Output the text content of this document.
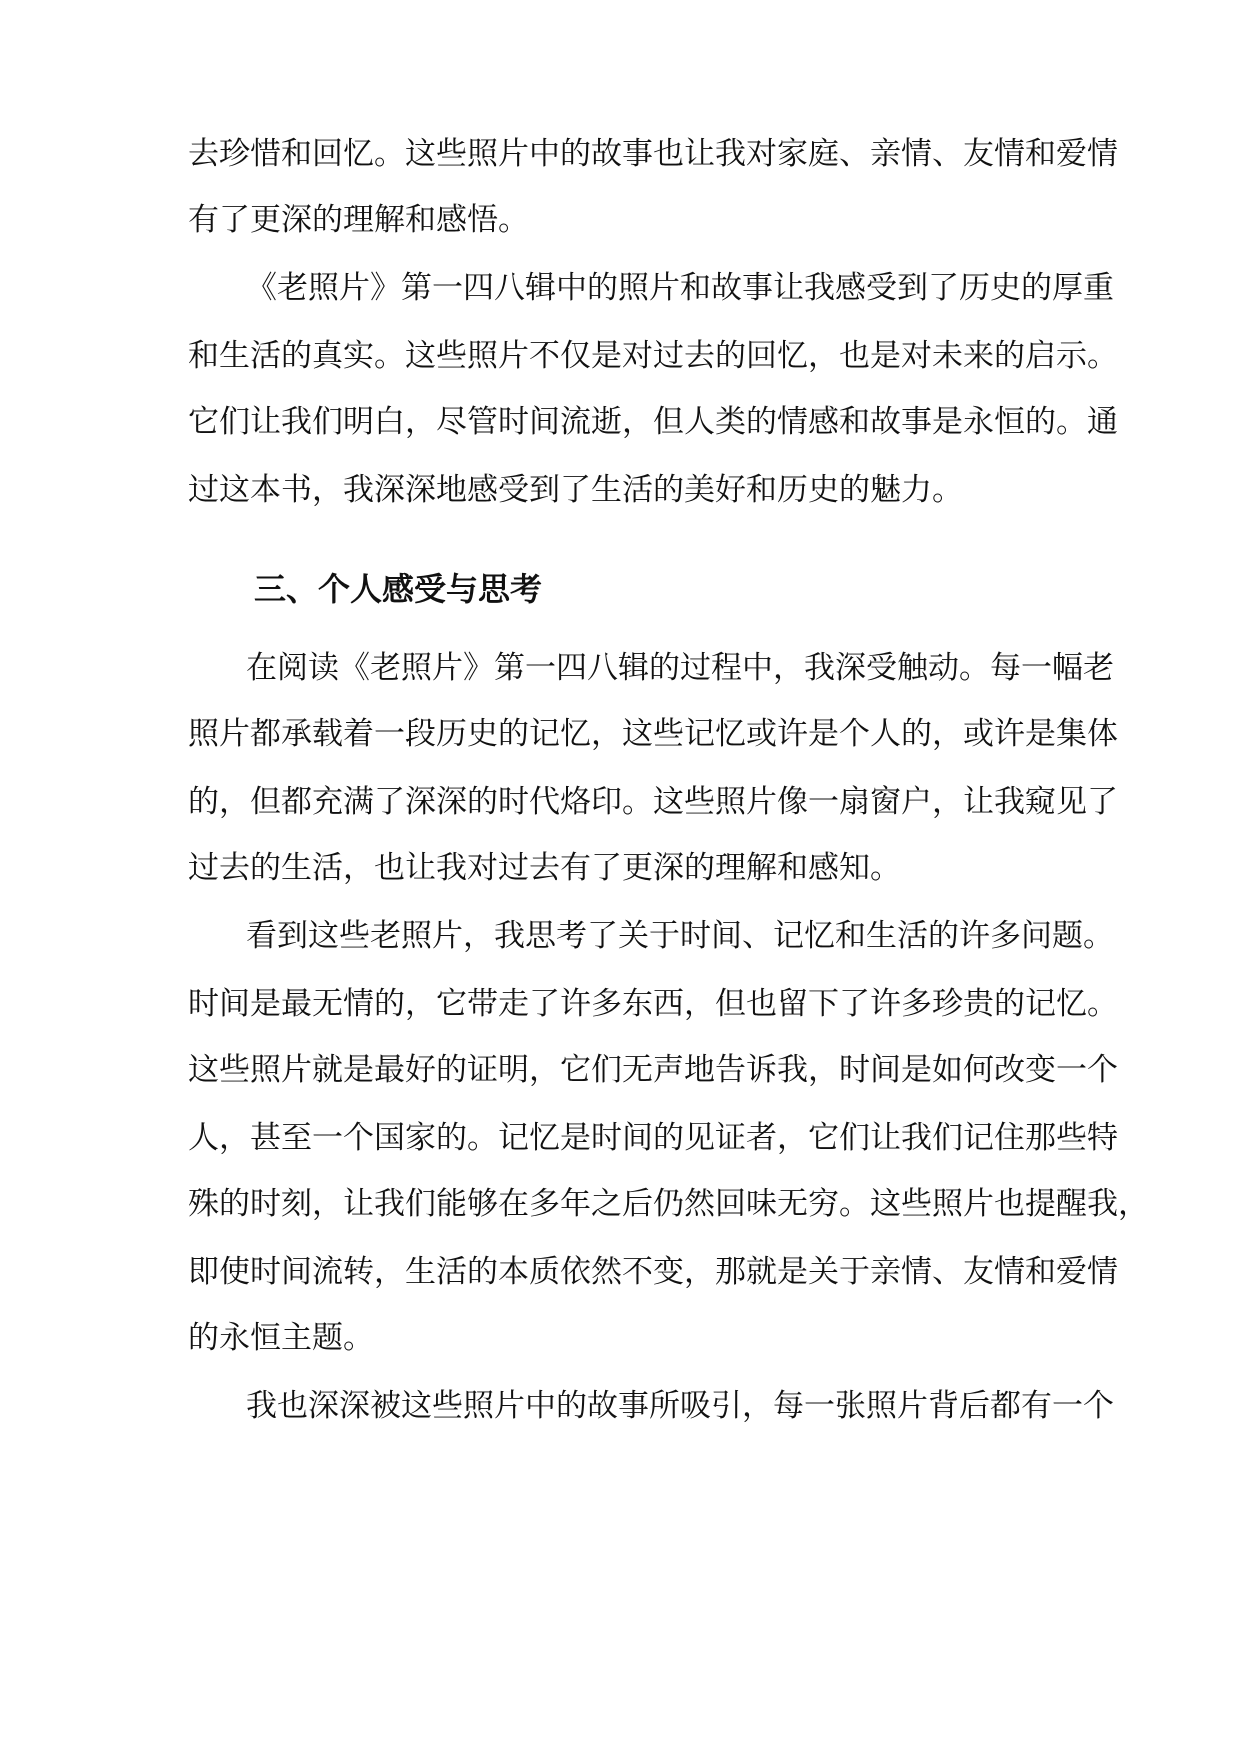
去珍惜和回忆。这些照片中的故事也让我对家庭、亲情、友情和爱情
有了更深的理解和感悟。
《老照片》第一四八辑中的照片和故事让我感受到了历史的厚重
和生活的真实。这些照片不仅是对过去的回忆，也是对未来的启示。
它们让我们明白，尽管时间流逝，但人类的情感和故事是永恒的。通
过这本书，我深深地感受到了生活的美好和历史的魅力。
三、个人感受与思考
在阅读《老照片》第一四八辑的过程中，我深受触动。每一幅老
照片都承载着一段历史的记忆，这些记忆或许是个人的，或许是集体
的，但都充满了深深的时代烙印。这些照片像一扇窗户，让我窥见了
过去的生活，也让我对过去有了更深的理解和感知。
看到这些老照片，我思考了关于时间、记忆和生活的许多问题。
时间是最无情的，它带走了许多东西，但也留下了许多珍贵的记忆。
这些照片就是最好的证明，它们无声地告诉我，时间是如何改变一个
人，甚至一个国家的。记忆是时间的见证者，它们让我们记住那些特
殊的时刻，让我们能够在多年之后仍然回味无穷。这些照片也提醒我，
即使时间流转，生活的本质依然不变，那就是关于亲情、友情和爱情
的永恒主题。
我也深深被这些照片中的故事所吸引，每一张照片背后都有一个
